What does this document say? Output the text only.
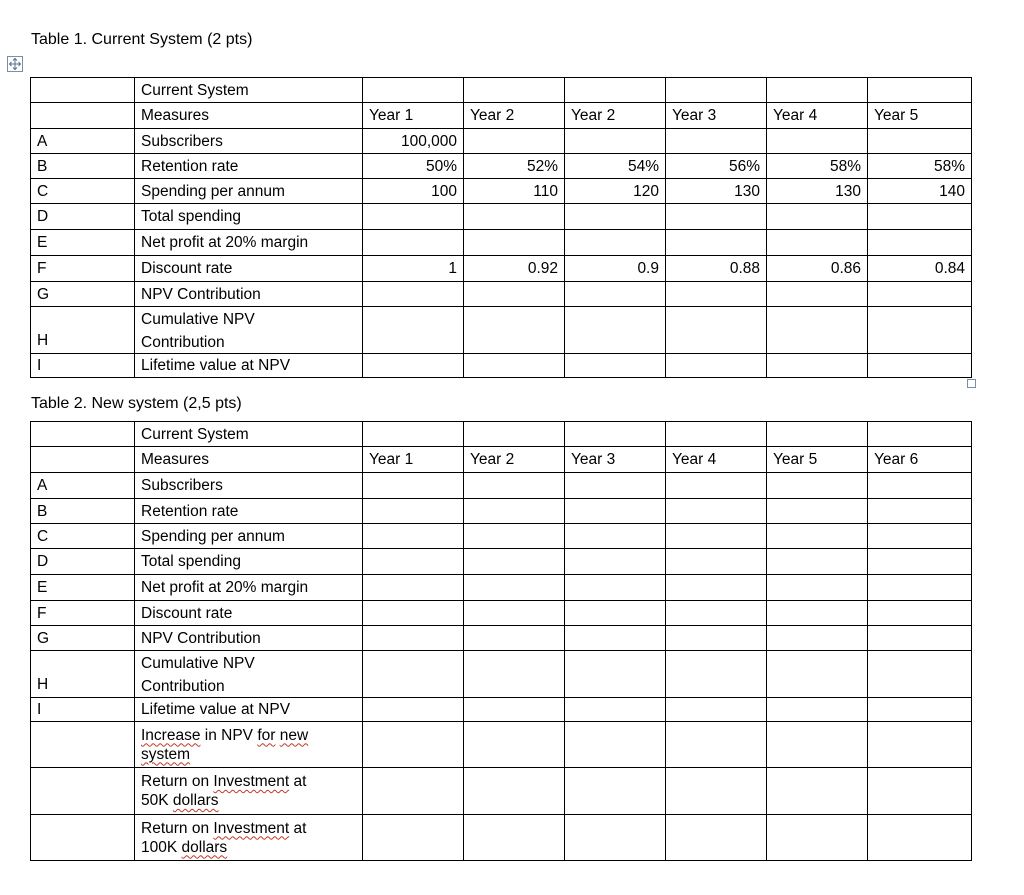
Table 1. Current System (2 pts)
	Current System						
	Measures	Year 1	Year 2	Year 2	Year 3	Year 4	Year 5
A	Subscribers	100,000					
B	Retention rate	50%	52%	54%	56%	58%	58%
C	Spending per annum	100	110	120	130	130	140
D	Total spending						
E	Net profit at 20% margin						
F	Discount rate	1	0.92	0.9	0.88	0.86	0.84
G	NPV Contribution						
H	Cumulative NPV
Contribution						

I	Lifetime value at NPV						
Table 2. New system (2,5 pts)
	Current System						
	Measures	Year 1	Year 2	Year 3	Year 4	Year 5	Year 6
A	Subscribers						
B	Retention rate						
C	Spending per annum						
D	Total spending						
E	Net profit at 20% margin						
F	Discount rate						
G	NPV Contribution						
H	Cumulative NPV
Contribution						

I	Lifetime value at NPV						

	Increase in NPV for new
system						

	Return on Investment at
50K dollars						

	Return on Investment at
100K dollars						
